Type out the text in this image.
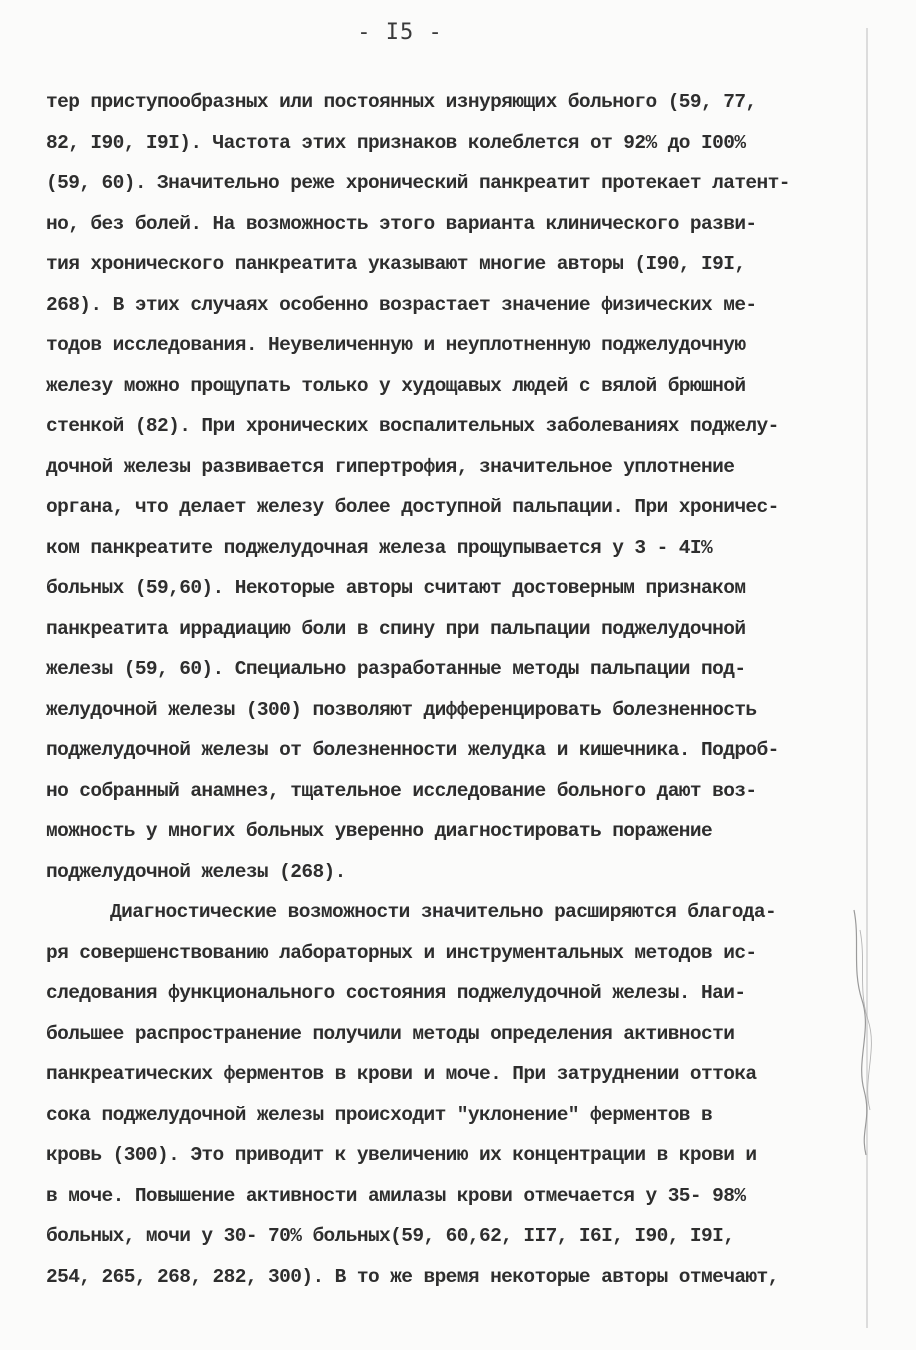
- I5 -
тер приступообразных или постоянных изнуряющих больного (59, 77,
82, I90, I9I). Частота этих признаков колеблется от 92% до I00%
(59, 60). Значительно реже хронический панкреатит протекает латент-
но, без болей. На возможность этого варианта клинического разви-
тия хронического панкреатита указывают многие авторы (I90, I9I,
268). В этих случаях особенно возрастает значение физических ме-
тодов исследования. Неувеличенную и неуплотненную поджелудочную
железу можно прощупать только у худощавых людей с вялой брюшной
стенкой (82). При хронических воспалительных заболеваниях поджелу-
дочной железы развивается гипертрофия, значительное уплотнение
органа, что делает железу более доступной пальпации. При хроничес-
ком панкреатите поджелудочная железа прощупывается у 3 - 4I%
больных (59,60). Некоторые авторы считают достоверным признаком
панкреатита иррадиацию боли в спину при пальпации поджелудочной
железы (59, 60). Специально разработанные методы пальпации под-
желудочной железы (300) позволяют дифференцировать болезненность
поджелудочной железы от болезненности желудка и кишечника. Подроб-
но собранный анамнез, тщательное исследование больного дают воз-
можность у многих больных уверенно диагностировать поражение
поджелудочной железы (268).
Диагностические возможности значительно расширяются благода-
ря совершенствованию лабораторных и инструментальных методов ис-
следования функционального состояния поджелудочной железы. Наи-
большее распространение получили методы определения активности
панкреатических ферментов в крови и моче. При затруднении оттока
сока поджелудочной железы происходит "уклонение" ферментов в
кровь (300). Это приводит к увеличению их концентрации в крови и
в моче. Повышение активности амилазы крови отмечается у 35- 98%
больных, мочи у 30- 70% больных(59, 60,62, II7, I6I, I90, I9I,
254, 265, 268, 282, 300). В то же время некоторые авторы отмечают,
